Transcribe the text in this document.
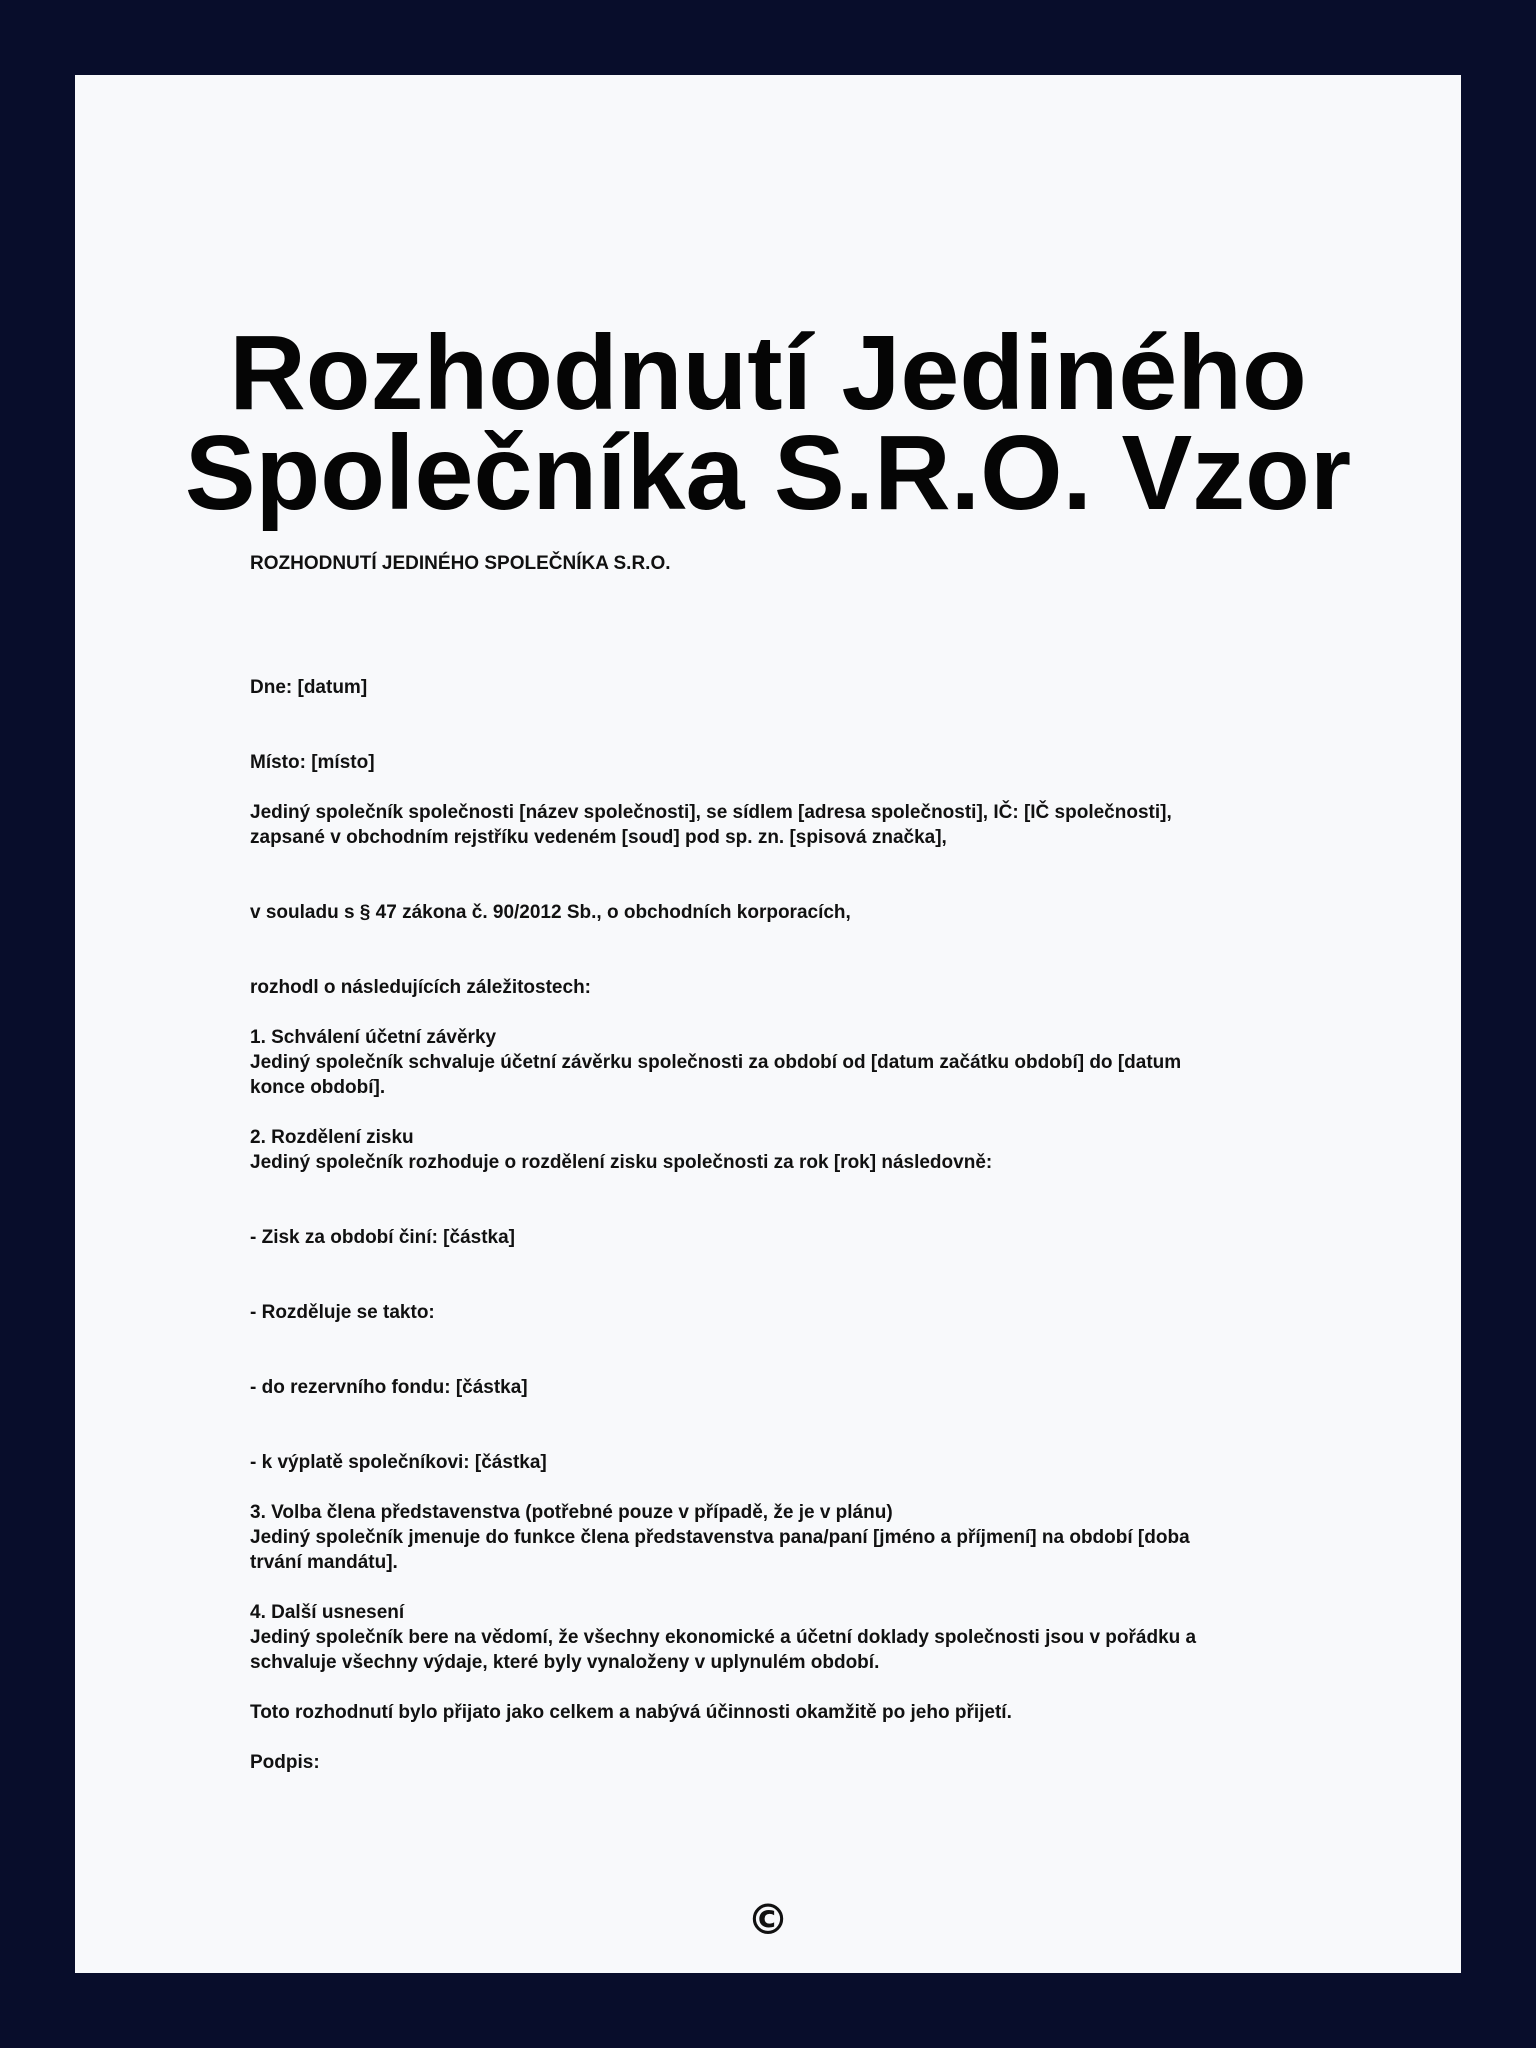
Rozhodnutí Jediného
Společníka S.R.O. Vzor
ROZHODNUTÍ JEDINÉHO SPOLEČNÍKA S.R.O.
Dne: [datum]
Místo: [místo]
Jediný společník společnosti [název společnosti], se sídlem [adresa společnosti], IČ: [IČ společnosti],
zapsané v obchodním rejstříku vedeném [soud] pod sp. zn. [spisová značka],
v souladu s § 47 zákona č. 90/2012 Sb., o obchodních korporacích,
rozhodl o následujících záležitostech:
1. Schválení účetní závěrky
Jediný společník schvaluje účetní závěrku společnosti za období od [datum začátku období] do [datum
konce období].
2. Rozdělení zisku
Jediný společník rozhoduje o rozdělení zisku společnosti za rok [rok] následovně:
- Zisk za období činí: [částka]
- Rozděluje se takto:
- do rezervního fondu: [částka]
- k výplatě společníkovi: [částka]
3. Volba člena představenstva (potřebné pouze v případě, že je v plánu)
Jediný společník jmenuje do funkce člena představenstva pana/paní [jméno a příjmení] na období [doba
trvání mandátu].
4. Další usnesení
Jediný společník bere na vědomí, že všechny ekonomické a účetní doklady společnosti jsou v pořádku a
schvaluje všechny výdaje, které byly vynaloženy v uplynulém období.
Toto rozhodnutí bylo přijato jako celkem a nabývá účinnosti okamžitě po jeho přijetí.
Podpis:
©
